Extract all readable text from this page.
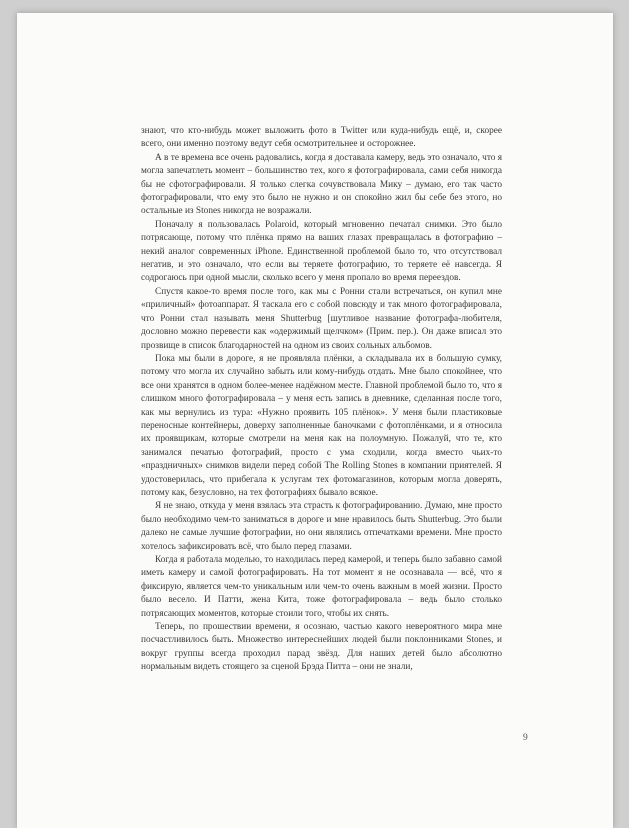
знают, что кто-нибудь может выложить фото в Twitter или куда-нибудь ещё, и, скорее всего, они именно поэтому ведут себя осмотрительнее и осторожнее.

А в те времена все очень радовались, когда я доставала камеру, ведь это означало, что я могла запечатлеть момент – большинство тех, кого я фотографировала, сами себя никогда бы не сфотографировали. Я только слегка сочувствовала Мику – думаю, его так часто фотографировали, что ему это было не нужно и он спокойно жил бы себе без этого, но остальные из Stones никогда не возражали.

Поначалу я пользовалась Polaroid, который мгновенно печатал снимки. Это было потрясающе, потому что плёнка прямо на ваших глазах превращалась в фотографию – некий аналог современных iPhone. Единственной проблемой было то, что отсутствовал негатив, и это означало, что если вы теряете фотографию, то теряете её навсегда. Я содрогаюсь при одной мысли, сколько всего у меня пропало во время переездов.

Спустя какое-то время после того, как мы с Ронни стали встречаться, он купил мне «приличный» фотоаппарат. Я таскала его с собой повсюду и так много фотографировала, что Ронни стал называть меня Shutterbug [шутливое название фотографа-любителя, дословно можно перевести как «одержимый щелчком» (Прим. пер.). Он даже вписал это прозвище в список благодарностей на одном из своих сольных альбомов.

Пока мы были в дороге, я не проявляла плёнки, а складывала их в большую сумку, потому что могла их случайно забыть или кому-нибудь отдать. Мне было спокойнее, что все они хранятся в одном более-менее надёжном месте. Главной проблемой было то, что я слишком много фотографировала – у меня есть запись в дневнике, сделанная после того, как мы вернулись из тура: «Нужно проявить 105 плёнок». У меня были пластиковые переносные контейнеры, доверху заполненные баночками с фотоплёнками, и я относила их проявщикам, которые смотрели на меня как на полоумную. Пожалуй, что те, кто занимался печатью фотографий, просто с ума сходили, когда вместо чьих-то «праздничных» снимков видели перед собой The Rolling Stones в компании приятелей. Я удостоверилась, что прибегала к услугам тех фотомагазинов, которым могла доверять, потому как, безусловно, на тех фотографиях бывало всякое.

Я не знаю, откуда у меня взялась эта страсть к фотографированию. Думаю, мне просто было необходимо чем-то заниматься в дороге и мне нравилось быть Shutterbug. Это были далеко не самые лучшие фотографии, но они являлись отпечатками времени. Мне просто хотелось зафиксировать всё, что было перед глазами.

Когда я работала моделью, то находилась перед камерой, и теперь было забавно самой иметь камеру и самой фотографировать. На тот момент я не осознавала — всё, что я фиксирую, является чем-то уникальным или чем-то очень важным в моей жизни. Просто было весело. И Патти, жена Кита, тоже фотографировала – ведь было столько потрясающих моментов, которые стоили того, чтобы их снять.

Теперь, по прошествии времени, я осознаю, частью какого невероятного мира мне посчастливилось быть. Множество интереснейших людей были поклонниками Stones, и вокруг группы всегда проходил парад звёзд. Для наших детей было абсолютно нормальным видеть стоящего за сценой Брэда Питта – они не знали,

9
